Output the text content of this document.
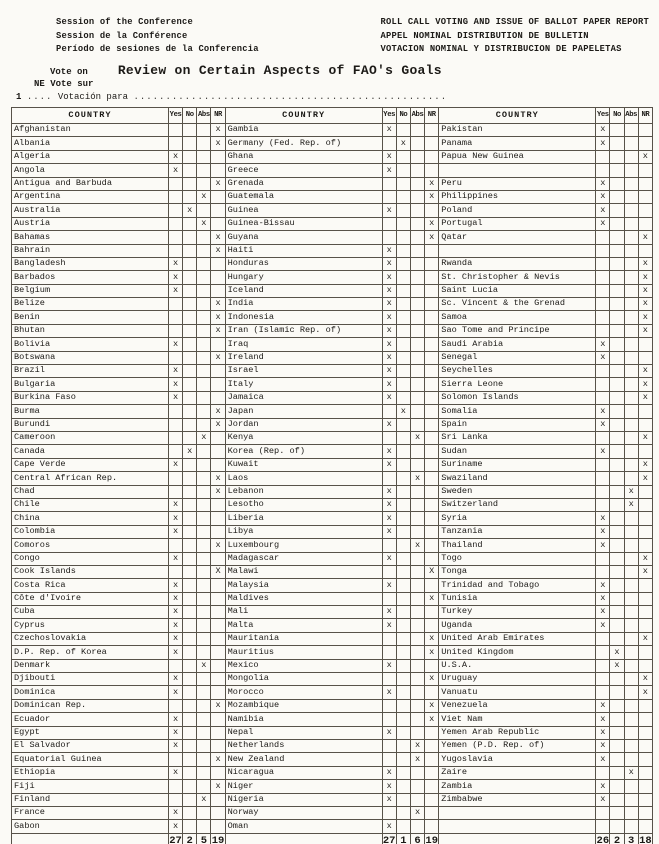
Session of the Conference
Session de la Conférence
Período de sesiones de la Conferencia
ROLL CALL VOTING AND ISSUE OF BALLOT PAPER REPORT
APPEL NOMINAL DISTRIBUTION DE BULLETIN
VOTACION NOMINAL Y DISTRIBUCION DE PAPELETAS
Vote on Review on Certain Aspects of FAO's Goals
NE Vote sur
1 .... Votación para .................................................
COUNTRY	Yes	No	Abs	NR	COUNTRY	Yes	No	Abs	NR	COUNTRY	Yes	No	Abs	NR
Afghanistan				x	Gambia	x				Pakistan	x			
Albania				x	Germany (Fed. Rep. of)		x			Panama	x			
Algeria	x				Ghana	x				Papua New Guinea				x
Angola	x				Greece	x								
Antigua and Barbuda				x	Grenada				x	Peru	x			
Argentina			x		Guatemala				x	Philippines	x			
Australia		x			Guinea	x				Poland	x			
Austria			x		Guinea-Bissau				x	Portugal	x			
Bahamas				x	Guyana				x	Qatar				x
Bahrain				x	Haiti	x								
Bangladesh	x				Honduras	x				Rwanda				x
Barbados	x				Hungary	x				St. Christopher & Nevis				x
Belgium	x				Iceland	x				Saint Lucia				x
Belize				x	India	x				Sc. Vincent & the Grenad				x
Benin				x	Indonesia	x				Samoa				x
Bhutan				x	Iran (Islamic Rep. of)	x				Sao Tome and Principe				x
Bolivia	x				Iraq	x				Saudi Arabia	x			
Botswana				x	Ireland	x				Senegal	x			
Brazil	x				Israel	x				Seychelles				x
Bulgaria	x				Italy	x				Sierra Leone				x
Burkina Faso	x				Jamaica	x				Solomon Islands				x
Burma				x	Japan		x			Somalia	x			
Burundi				x	Jordan	x				Spain	x			
Cameroon			x		Kenya			x		Sri Lanka				x
Canada		x			Korea (Rep. of)	x				Sudan	x			
Cape Verde	x				Kuwait	x				Suriname				x
Central African Rep.				x	Laos			x		Swaziland				x
Chad				x	Lebanon	x				Sweden			x	
Chile	x				Lesotho	x				Switzerland			x	
China	x				Liberia	x				Syria	x			
Colombia	x				Libya	x				Tanzania	x			
Comoros				x	Luxembourg			x		Thailand	x			
Congo	x				Madagascar	x				Togo				x
Cook Islands				X	Malawi				X	Tonga				x
Costa Rica	x				Malaysia	x				Trinidad and Tobago	x			
Côte d'Ivoire	x				Maldives				x	Tunisia	x			
Cuba	x				Mali	x				Turkey	x			
Cyprus	x				Malta	x				Uganda	x			
Czechoslovakia	x				Mauritania				x	United Arab Emirates				x
D.P. Rep. of Korea	x				Mauritius				x	United Kingdom		x		
Denmark			x		Mexico	x				U.S.A.		x		
Djibouti	x				Mongolia				x	Uruguay				x
Dominica	x				Morocco	x				Vanuatu				x
Dominican Rep.				x	Mozambique				x	Venezuela	x			
Ecuador	x				Namibia				x	Viet Nam	x			
Egypt	x				Nepal	x				Yemen Arab Republic	x			
El Salvador	x				Netherlands			x		Yemen (P.D. Rep. of)	x			
Equatorial Guinea				x	New Zealand			x		Yugoslavia	x			
Ethiopia	x				Nicaragua	x				Zaire			x	
Fiji				x	Niger	x				Zambia	x			
Finland			x		Nigeria	x				Zimbabwe	x			
France	x				Norway			x						
Gabon	x				Oman	x								
	27	2	5	19		27	1	6	19		26	2	3	18
